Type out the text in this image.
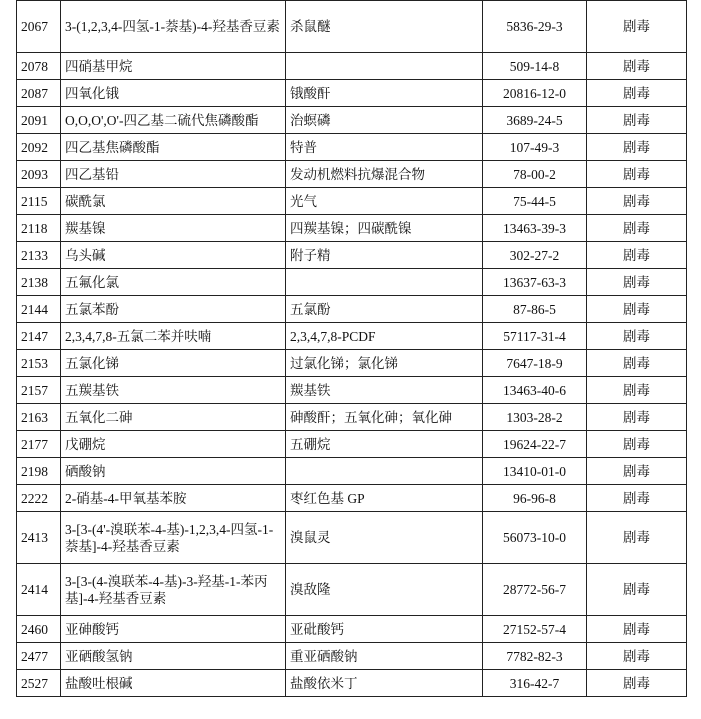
2067	3-(1,2,3,4-四氢-1-萘基)-4-羟基香豆素	杀鼠醚	5836-29-3	剧毒
2078	四硝基甲烷		509-14-8	剧毒
2087	四氧化锇	锇酸酐	20816-12-0	剧毒
2091	O,O,O',O'-四乙基二硫代焦磷酸酯	治螟磷	3689-24-5	剧毒
2092	四乙基焦磷酸酯	特普	107-49-3	剧毒
2093	四乙基铅	发动机燃料抗爆混合物	78-00-2	剧毒
2115	碳酰氯	光气	75-44-5	剧毒
2118	羰基镍	四羰基镍；四碳酰镍	13463-39-3	剧毒
2133	乌头碱	附子精	302-27-2	剧毒
2138	五氟化氯		13637-63-3	剧毒
2144	五氯苯酚	五氯酚	87-86-5	剧毒
2147	2,3,4,7,8-五氯二苯并呋喃	2,3,4,7,8-PCDF	57117-31-4	剧毒
2153	五氯化锑	过氯化锑；氯化锑	7647-18-9	剧毒
2157	五羰基铁	羰基铁	13463-40-6	剧毒
2163	五氧化二砷	砷酸酐；五氧化砷；氧化砷	1303-28-2	剧毒
2177	戊硼烷	五硼烷	19624-22-7	剧毒
2198	硒酸钠		13410-01-0	剧毒
2222	2-硝基-4-甲氧基苯胺	枣红色基 GP	96-96-8	剧毒
2413	3-[3-(4'-溴联苯-4-基)-1,2,3,4-四氢-1-萘基]-4-羟基香豆素	溴鼠灵	56073-10-0	剧毒
2414	3-[3-(4-溴联苯-4-基)-3-羟基-1-苯丙基]-4-羟基香豆素	溴敌隆	28772-56-7	剧毒
2460	亚砷酸钙	亚砒酸钙	27152-57-4	剧毒
2477	亚硒酸氢钠	重亚硒酸钠	7782-82-3	剧毒
2527	盐酸吐根碱	盐酸依米丁	316-42-7	剧毒
